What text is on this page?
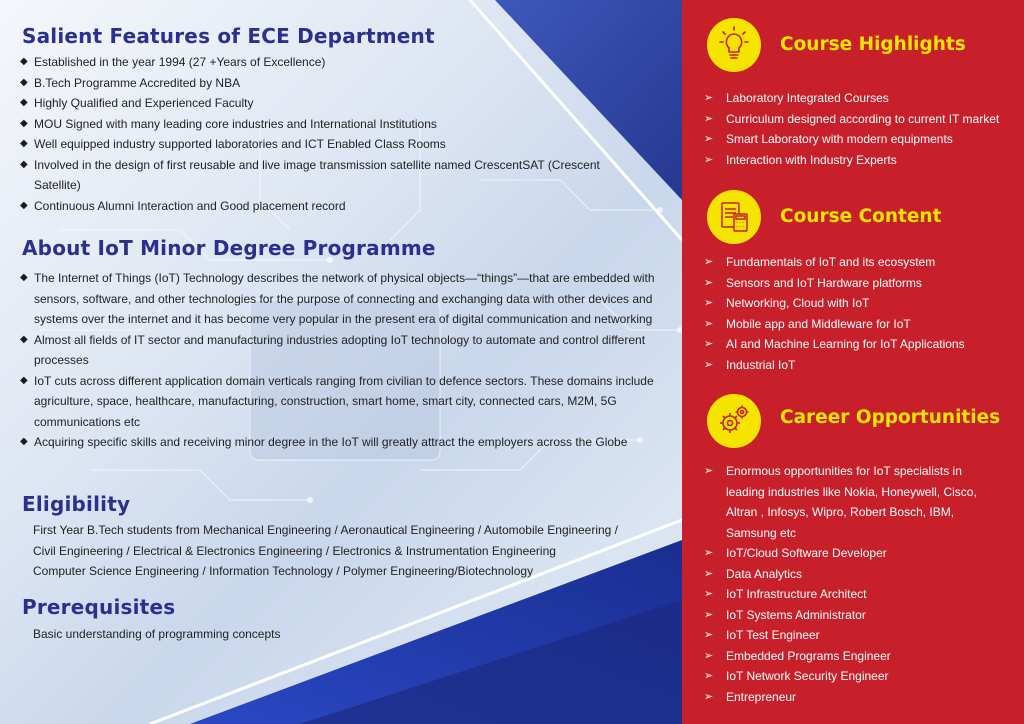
Salient Features of ECE Department
◆ Established in the year 1994 (27 +Years of Excellence)
◆ B.Tech Programme Accredited by NBA
◆ Highly Qualified and Experienced Faculty
◆ MOU Signed with many leading core industries and International Institutions
◆ Well equipped industry supported laboratories and ICT Enabled Class Rooms
◆ Involved in the design of first reusable and live image transmission satellite named CrescentSAT (Crescent Satellite)
◆ Continuous Alumni Interaction and Good placement record
About IoT Minor Degree Programme
◆ The Internet of Things (IoT) Technology describes the network of physical objects—“things”—that are embedded with sensors, software, and other technologies for the purpose of connecting and exchanging data with other devices and systems over the internet and it has become very popular in the present era of digital communication and networking
◆ Almost all fields of IT sector and manufacturing industries adopting IoT technology to automate and control different processes
◆ IoT cuts across different application domain verticals ranging from civilian to defence sectors. These domains include agriculture, space, healthcare, manufacturing, construction, smart home, smart city, connected cars, M2M, 5G communications etc
◆ Acquiring specific skills and receiving minor degree in the IoT will greatly attract the employers across the Globe
Eligibility
First Year B.Tech students from Mechanical Engineering / Aeronautical Engineering / Automobile Engineering /
Civil Engineering / Electrical & Electronics Engineering / Electronics & Instrumentation Engineering
Computer Science Engineering / Information Technology / Polymer Engineering/Biotechnology
Prerequisites

Basic understanding of programming concepts

Course Highlights
➢ Laboratory Integrated Courses
➢ Curriculum designed according to current IT market
➢ Smart Laboratory with modern equipments
➢ Interaction with Industry Experts
Course Content
➢ Fundamentals of IoT and its ecosystem
➢ Sensors and IoT Hardware platforms
➢ Networking, Cloud with IoT
➢ Mobile app and Middleware for IoT
➢ AI and Machine Learning for IoT Applications
➢ Industrial IoT
Career Opportunities
➢ Enormous opportunities for IoT specialists in leading industries like Nokia, Honeywell, Cisco, Altran , Infosys, Wipro, Robert Bosch, IBM, Samsung etc
➢ IoT/Cloud Software Developer
➢ Data Analytics
➢ IoT Infrastructure Architect
➢ IoT Systems Administrator
➢ IoT Test Engineer
➢ Embedded Programs Engineer
➢ IoT Network Security Engineer
➢ Entrepreneur
